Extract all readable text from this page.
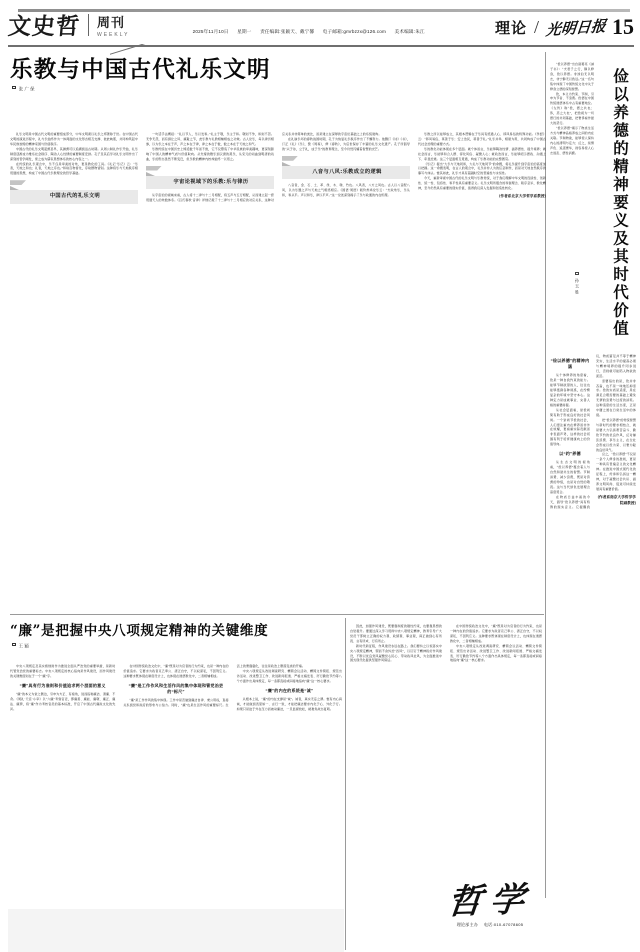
文史哲 周刊
WEEKLY
2025年11月10日 星期一 责任编辑:张颖天、戴宁馨 电子邮箱:gmrbzzx@126.com 美术编辑:朱江	理论 / 光明日报 15
乐教与中国古代礼乐文明
张广保

礼乐文明是中国古代文明的重要组成部分，中华文明素以礼乐之邦著称于世。在中国古代文明的演进历程中，礼与乐始终作为一体两面的文化形态相互支撑、彼此映照，共同构筑起中华民族独特的精神家园与价值秩序。

中国古代的礼乐文明起源甚早，其渊源可以追溯到远古时期。从周公制礼作乐开始，礼乐制度逐渐成为维系社会秩序、陶冶人心性情的重要制度安排。孔子及其后学对礼乐文明作出了深刻的哲学阐发，使之成为儒家思想体系的核心内容之一。

在传统的礼乐观念中，乐不仅是审美的对象，更是教化的工具。《礼记·乐记》云：“乐者，天地之和也；礼者，天地之序也。”和故百物皆化，序故群物皆别。这种将乐与天地秩序相贯通的思想，构成了中国古代乐教理论的哲学基础。

中国古代的礼乐文明

一句话手法概括：“礼以节人，乐以发和。”礼主于敬，乐主于和。敬则不争，和则不怨。无争无怨，而有揖让之风、廉耻之节，此乐教与礼教相辅相成之功效。古人论乐，每以律历相参，以为乐之本在于声，声之本在于律，律之本在于数，数之本在于天地之和气。

乐教传统在中国历史上绵延数千年而不绝，它不仅塑造了中华民族的审美趣味，更深刻影响了中国人的精神气质与价值取向。从先秦的雅乐到汉唐的燕乐，从宋元的词曲到明清的戏曲，乐的形态虽然不断变迁，但乐教的精神内核却始终一以贯之。

宇宙论视域下的乐教:乐与律历

从宇宙论的视域来看，古人将十二律与十二月相配，将五声与五行相配，从而建立起一套贯通天人的象数体系。《吕氏春秋·音律》详细记载了十二律与十二月相应的对应关系，这种对应关系并非简单的类比，而是建立在深厚的宇宙论基础之上的系统建构。

在礼崩乐坏的春秋战国时期，孔子为恢复礼乐秩序作出了不懈努力。他删订《诗》《书》，订正《礼》《乐》，赞《周易》，修《春秋》，为后世保存了丰富的礼乐文化遗产。孔子所倡导的“兴于诗，立于礼，成于乐”的教育理念，至今仍然闪耀着智慧的光芒。

八音与八风:乐教成立的逻辑

八音者，金、石、土、革、丝、木、匏、竹也。八风者，八方之风也。古人以八音配八风，以为乐器之声与天地之气相感相应。《国语·周语》载伶州鸠论乐云：“夫政象乐，乐从和，和从平。声以和乐，律以平声。”这一论述深刻揭示了乐与政通的内在机理。

乐教之所以能够成立，其根本逻辑在于乐具有感通人心、移风易俗的特殊功能。《孝经》云：“移风易俗，莫善于乐；安上治民，莫善于礼。”礼乐并举，相须为用，共同构成了中国古代社会治理的重要方式。

乐的教化功能体现在多个层面。就个体而言，乐能够陶冶性情、涵养德性、提升境界；就社会而言，乐能够和合人群、淳化风俗、凝聚人心；就政治而言，乐能够昭示德政、沟通上下、彰显治道。这三个层面相互贯通，构成了乐教功能的完整图景。

《乐记》提出“大乐与天地同和，大礼与天地同节”的命题，将礼乐提升到宇宙论的高度加以把握。这一命题表明，在古人的观念中，礼乐并非人为的任意制作，而是对天地自然秩序的摹写与体认。惟其如此，礼乐才具有超越时空的普遍性与永恒性。

今天，重新审视中国古代的礼乐文明与乐教传统，对于我们理解中华文明的连续性、创新性、统一性、包容性、和平性具有重要意义。礼乐文明所蕴含的和谐理念、秩序意识、教化精神，至今仍然具有重要的现实价值，值得我们深入发掘和创造性转化。

(作者系北京大学哲学系教授)
“廉”是把握中央八项规定精神的关键维度
王颖

中央八项规定及其实施细则作为推进全面从严治党的重要举措，是新时代管党治党的重要标志。中央八项规定的核心指向是作风建设，而作风建设的关键维度则在于一个“廉”字。

“廉”具有行为准则和价值追求两个层面的意义

“廉”的本义为堂之侧边，引申为方正、有棱角，进而指称廉洁、清廉、不贪。《周礼·天官·小宰》以“六廉”考察官吏，即廉善、廉能、廉敬、廉正、廉法、廉辨，将“廉”作为考核官员的基本标准，开启了中国古代廉政文化的先河。

在中国传统政治文化中，“廉”既是对为官者的行为约束，也是一种内在的价值追求。它要求为政者克己奉公、清正自守，不以权谋私，不因利忘义。这种要求既体现在制度设计上，也体现在道德教化中，二者相辅相成。

“廉”是工作作风和生活作风的集中体现和管党治吏的“标尺”

“廉”是工作作风的集中体现。工作中是否做到廉洁自律、秉公用权，直接关系到党和政府的形象与公信力。同时，“廉”也是生活作风的重要标尺。生活上的奢靡腐化，往往是政治上堕落变质的开端。

中央八项规定从改进调查研究、精简会议活动、精简文件简报、规范出访活动、改进警卫工作、改进新闻报道、严格文稿发表、厉行勤俭节约等八个方面作出具体规定，每一条都直接或间接地指向“廉”这一核心要求。

“廉”的内在的系统是“诚”

从根本上说，“廉”的内在支撑是“诚”。诚者，真实无妄之谓。惟有内心真诚，才能做到表里如一、言行一致，才能把廉洁要求内化于心、外化于行。如果只是迫于外在压力而被动廉洁，一旦监督放松，就难免故态复萌。

因此，加强作风建设，既要靠制度的刚性约束，也要靠思想的自觉提升。要通过深入学习贯彻中央八项规定精神，教育引导广大党员干部树立正确的权力观、政绩观、事业观，真正做到心有所畏、言有所戒、行有所止。

新时代新征程，作风建设永远在路上。我们要持之以恒落实中央八项规定精神，锲而不舍纠治“四风”，以钉钉子精神抓好作风建设，不断以优良党风凝聚党心民心、带动政风社风，为全面推进中国式现代化提供坚强作风保证。

在中国传统政治文化中，“廉”既是对为官者的行为约束，也是一种内在的价值追求。它要求为政者克己奉公、清正自守，不以权谋私，不因利忘义。这种要求既体现在制度设计上，也体现在道德教化中，二者相辅相成。

中央八项规定从改进调查研究、精简会议活动、精简文件简报、规范出访活动、改进警卫工作、改进新闻报道、严格文稿发表、厉行勤俭节约等八个方面作出具体规定，每一条都直接或间接地指向“廉”这一核心要求。

俭以养德的精神要义及其时代价值
孙玉胜

“俭以养德”出自诸葛亮《诫子书》：“夫君子之行，静以修身，俭以养德。非淡泊无以明志，非宁静无以致远。”这一名句集中体现了中国传统文化中关于修身立德的深刻智慧。

俭，本义为约束、节制，引申为节省、不浪费。俭德在中国传统道德体系中占有重要地位。《左传》称“俭，德之共也；侈，恶之大也”，把俭视为一切德行的共同基础，把奢侈看作最大的恶行。

“俭以养德”揭示了物质生活方式与精神品格养成之间的内在关联。节制物欲，能够使人保持内心的清明与定力；反之，纵情声色、追逐奢华，则容易使人心志迷乱、德性消磨。

“俭以养德”的精神内涵

从个体修养的角度看，俭是一种自我约束的能力。能够节制欲望的人，往往也能够抵御各种诱惑，在纷繁复杂的环境中坚守本心。这种定力是成就事业、完善人格的重要前提。

从社会层面看，崇俭尚简有助于形成良好的社会风尚。一个崇尚节俭的社会，人们更注重内在修养而非外在炫耀，更看重实际贡献而非表面声势，这样的社会氛围有利于培育健康向上的价值导向。

以“约”养德

从生态文明的视角看，“俭以养德”蕴含着人与自然和谐共生的智慧。节制消费、减少浪费，既是对资源的珍惜，也是对自然的敬畏。这与当代绿色发展理念高度契合。

在物质日益丰裕的今天，倡导“俭以养德”具有特殊的现实意义。它提醒我们，物质富足并不等于精神充实，生活水平的提高必须与精神境界的提升同步进行，否则就可能陷入物欲的泥沼。

需要指出的是，俭并非吝啬，也不是一味地压抑需求。俭的实质是适度，是在满足合理需要的基础上避免无谓的浪费与过度的消耗。这种适度的生活态度，正是中庸之道在日常生活中的体现。

把“俭以养德”的传统智慧与新时代的要求相结合，就是要大力弘扬艰苦奋斗、勤俭节约的优良作风，反对铺张浪费、享乐主义，在全社会形成以俭为荣、以奢为耻的良好风气。

总之，“俭以养德”不仅是一条个人修身的准则，更是一种具有普遍意义的文化精神。在推进中国式现代化的征程上，传承和弘扬这一精神，对于凝聚社会共识、涵养文明风尚、促进可持续发展具有重要价值。

(作者系南京大学哲学学院副教授)
哲学
理论部主办 电话:010-67078605
